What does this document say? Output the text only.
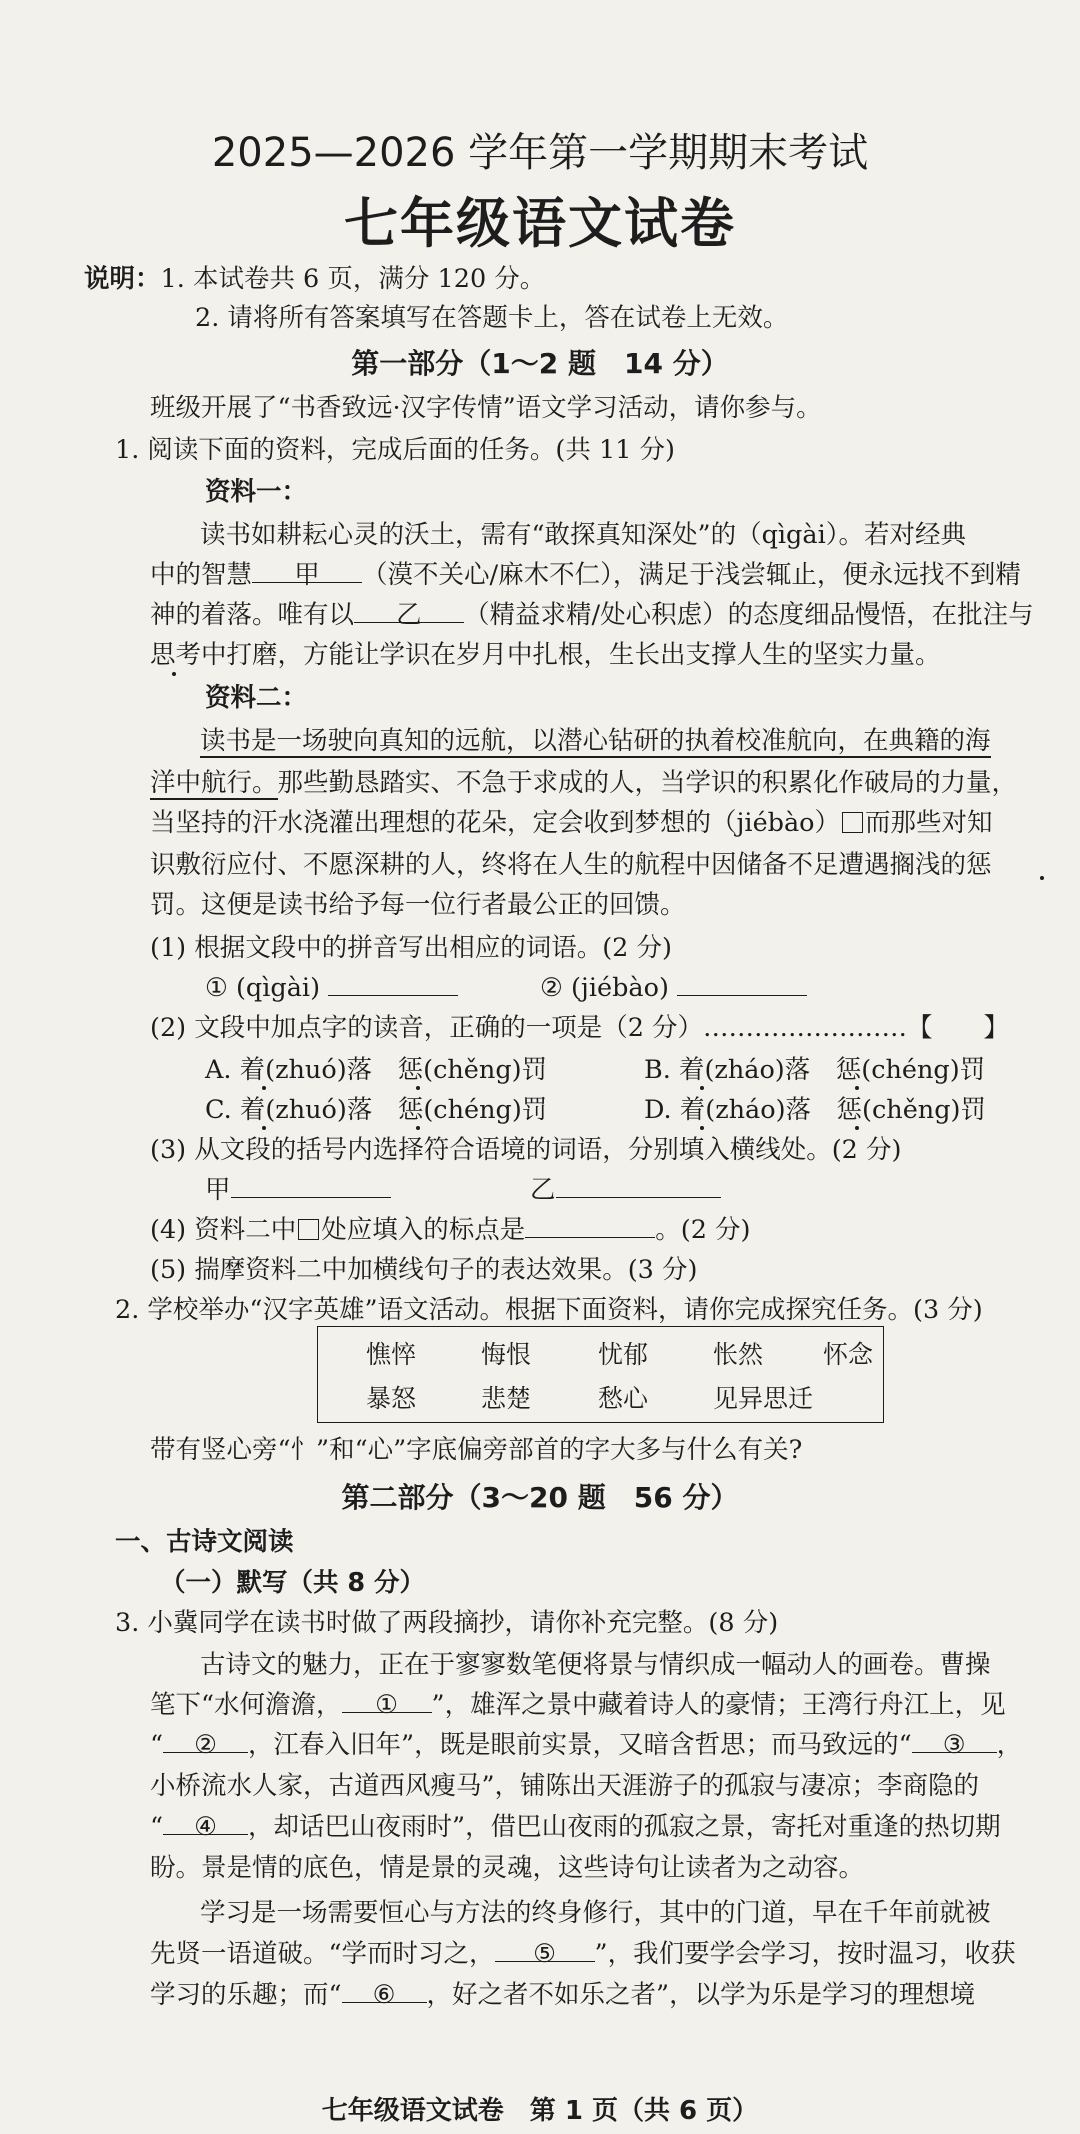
2025—2026 学年第一学期期末考试
七年级语文试卷
说明：1. 本试卷共 6 页，满分 120 分。
2. 请将所有答案填写在答题卡上，答在试卷上无效。
第一部分（1～2 题　14 分）
班级开展了“书香致远·汉字传情”语文学习活动，请你参与。
1. 阅读下面的资料，完成后面的任务。(共 11 分)
资料一：
读书如耕耘心灵的沃土，需有“敢探真知深处”的（qìgài）。若对经典
中的智慧 甲 （漠不关心/麻木不仁），满足于浅尝辄止，便永远找不到精
神的着落。唯有以 乙 （精益求精/处心积虑）的态度细品慢悟，在批注与
思考中打磨，方能让学识在岁月中扎根，生长出支撑人生的坚实力量。
资料二：
读书是一场驶向真知的远航，以潜心钻研的执着校准航向，在典籍的海
洋中航行。那些勤恳踏实、不急于求成的人，当学识的积累化作破局的力量，
当坚持的汗水浇灌出理想的花朵，定会收到梦想的（jiébào） 而那些对知
识敷衍应付、不愿深耕的人，终将在人生的航程中因储备不足遭遇搁浅的惩
罚。这便是读书给予每一位行者最公正的回馈。
(1) 根据文段中的拼音写出相应的词语。(2 分)
① (qìgài)	② (jiébào)
(2) 文段中加点字的读音，正确的一项是（2 分）……………………【　　】
A. 着(zhuó)落　惩(chěng)罚	B. 着(zháo)落　惩(chéng)罚
C. 着(zhuó)落　惩(chéng)罚	D. 着(zháo)落　惩(chěng)罚
(3) 从文段的括号内选择符合语境的词语，分别填入横线处。(2 分)
甲	乙
(4) 资料二中 处应填入的标点是	。(2 分)
(5) 揣摩资料二中加横线句子的表达效果。(3 分)
2. 学校举办“汉字英雄”语文活动。根据下面资料，请你完成探究任务。(3 分)
憔悴	悔恨	忧郁	怅然 怀念
暴怒	悲楚	愁心	见异思迁
带有竖心旁“忄”和“心”字底偏旁部首的字大多与什么有关?
第二部分（3～20 题　56 分）
一、古诗文阅读
（一）默写（共 8 分）
3. 小冀同学在读书时做了两段摘抄，请你补充完整。(8 分)
古诗文的魅力，正在于寥寥数笔便将景与情织成一幅动人的画卷。曹操
笔下“水何澹澹， ① ”，雄浑之景中藏着诗人的豪情；王湾行舟江上，见
“ ② ，江春入旧年”，既是眼前实景，又暗含哲思；而马致远的“ ③ ，
小桥流水人家，古道西风瘦马”，铺陈出天涯游子的孤寂与凄凉；李商隐的
“ ④ ，却话巴山夜雨时”，借巴山夜雨的孤寂之景，寄托对重逢的热切期
盼。景是情的底色，情是景的灵魂，这些诗句让读者为之动容。
学习是一场需要恒心与方法的终身修行，其中的门道，早在千年前就被
先贤一语道破。“学而时习之， ⑤ ”，我们要学会学习，按时温习，收获
学习的乐趣；而“ ⑥ ，好之者不如乐之者”，以学为乐是学习的理想境
七年级语文试卷　第 1 页（共 6 页）
